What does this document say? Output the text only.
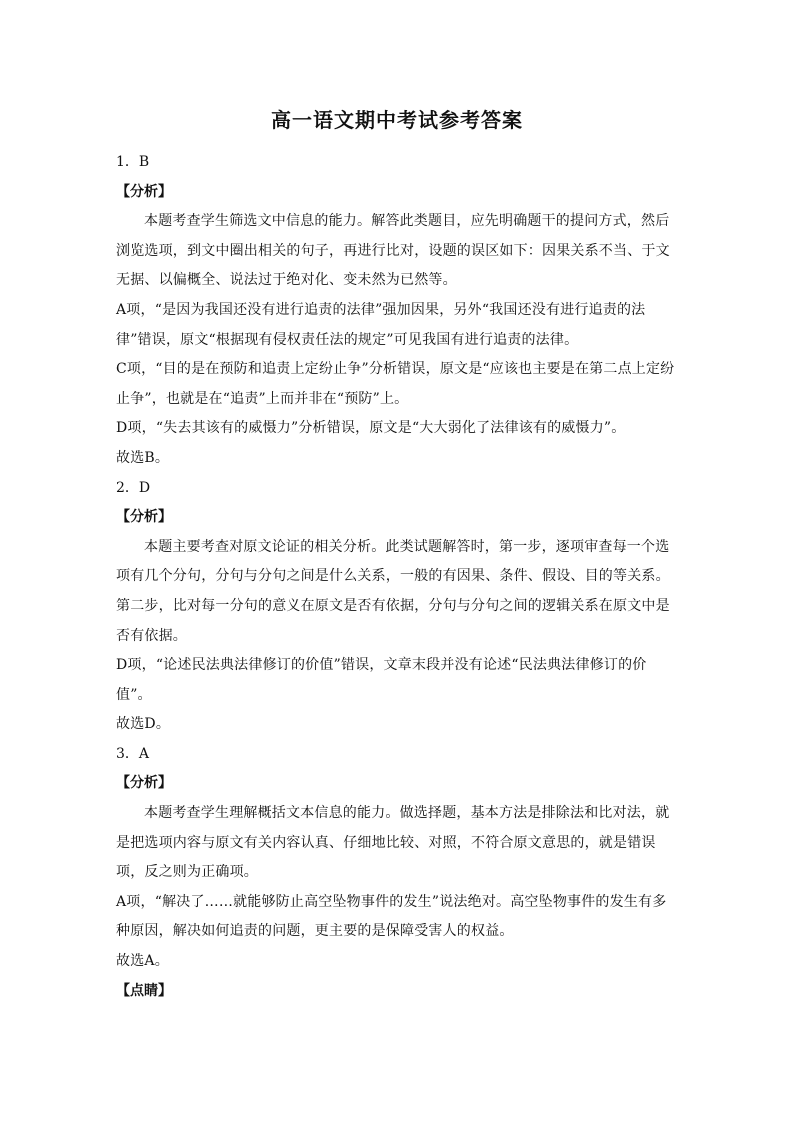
高一语文期中考试参考答案

1．B

【分析】

本题考查学生筛选文中信息的能力。解答此类题目，应先明确题干的提问方式，然后浏览选项，到文中圈出相关的句子，再进行比对，设题的误区如下：因果关系不当、于文无据、以偏概全、说法过于绝对化、变未然为已然等。

A项，“是因为我国还没有进行追责的法律”强加因果，另外“我国还没有进行追责的法律”错误，原文“根据现有侵权责任法的规定”可见我国有进行追责的法律。

C项，“目的是在预防和追责上定纷止争”分析错误，原文是“应该也主要是在第二点上定纷止争”，也就是在“追责”上而并非在“预防”上。

D项，“失去其该有的威慑力”分析错误，原文是“大大弱化了法律该有的威慑力”。

故选B。

2．D

【分析】

本题主要考查对原文论证的相关分析。此类试题解答时，第一步，逐项审查每一个选项有几个分句，分句与分句之间是什么关系，一般的有因果、条件、假设、目的等关系。第二步，比对每一分句的意义在原文是否有依据，分句与分句之间的逻辑关系在原文中是否有依据。

D项，“论述民法典法律修订的价值”错误，文章末段并没有论述“民法典法律修订的价值”。

故选D。

3．A

【分析】

本题考查学生理解概括文本信息的能力。做选择题，基本方法是排除法和比对法，就是把选项内容与原文有关内容认真、仔细地比较、对照，不符合原文意思的，就是错误项，反之则为正确项。

A项，“解决了……就能够防止高空坠物事件的发生”说法绝对。高空坠物事件的发生有多种原因，解决如何追责的问题，更主要的是保障受害人的权益。

故选A。

【点睛】
